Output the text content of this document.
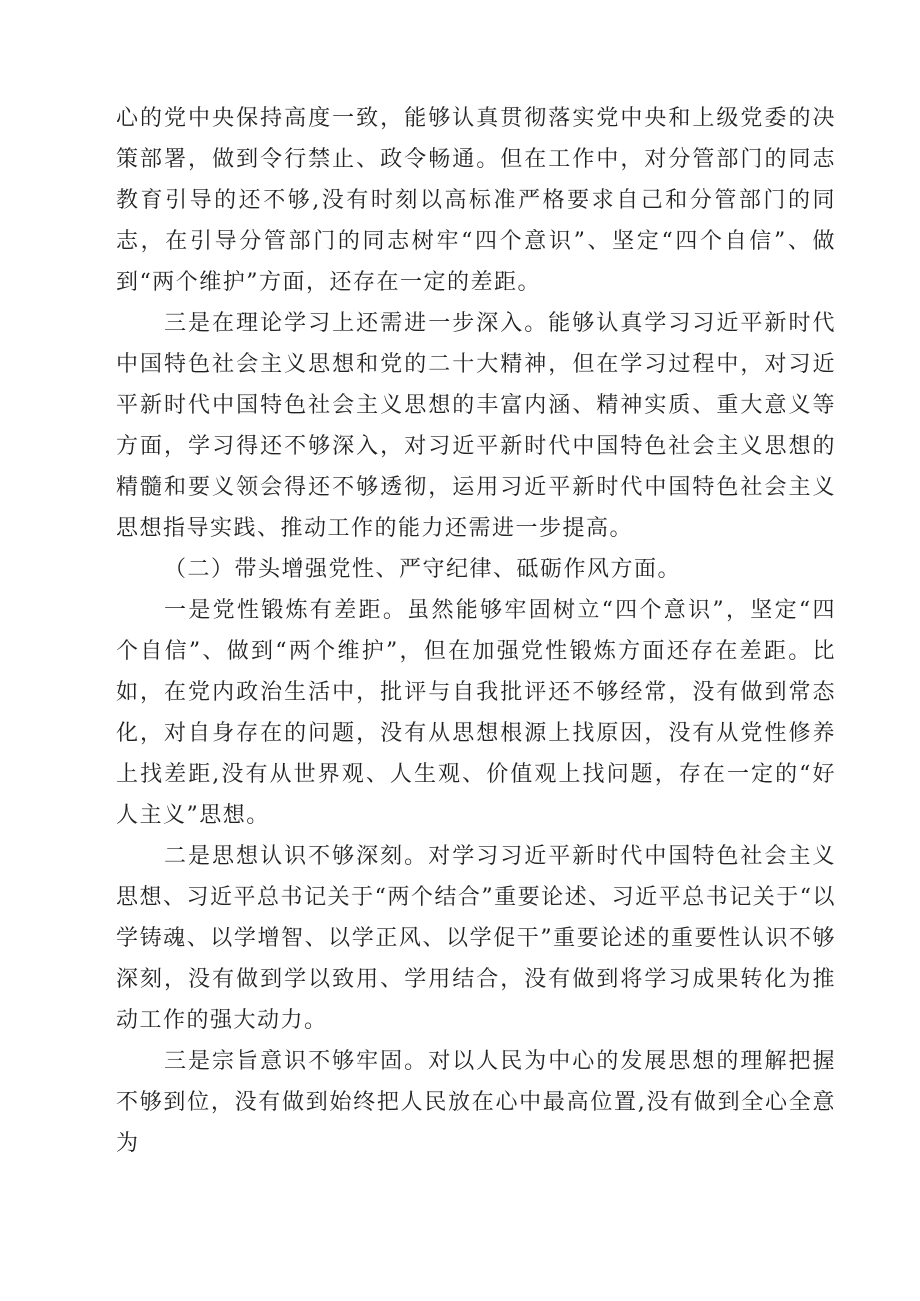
心的党中央保持高度一致，能够认真贯彻落实党中央和上级党委的决策部署，做到令行禁止、政令畅通。但在工作中，对分管部门的同志教育引导的还不够,没有时刻以高标准严格要求自己和分管部门的同志，在引导分管部门的同志树牢“四个意识”、坚定“四个自信”、做到“两个维护”方面，还存在一定的差距。

三是在理论学习上还需进一步深入。能够认真学习习近平新时代中国特色社会主义思想和党的二十大精神，但在学习过程中，对习近平新时代中国特色社会主义思想的丰富内涵、精神实质、重大意义等方面，学习得还不够深入，对习近平新时代中国特色社会主义思想的精髓和要义领会得还不够透彻，运用习近平新时代中国特色社会主义思想指导实践、推动工作的能力还需进一步提高。

（二）带头增强党性、严守纪律、砥砺作风方面。

一是党性锻炼有差距。虽然能够牢固树立“四个意识”，坚定“四个自信”、做到“两个维护”，但在加强党性锻炼方面还存在差距。比如，在党内政治生活中，批评与自我批评还不够经常，没有做到常态化，对自身存在的问题，没有从思想根源上找原因，没有从党性修养上找差距,没有从世界观、人生观、价值观上找问题，存在一定的“好人主义”思想。

二是思想认识不够深刻。对学习习近平新时代中国特色社会主义思想、习近平总书记关于“两个结合”重要论述、习近平总书记关于“以学铸魂、以学增智、以学正风、以学促干”重要论述的重要性认识不够深刻，没有做到学以致用、学用结合，没有做到将学习成果转化为推动工作的强大动力。

三是宗旨意识不够牢固。对以人民为中心的发展思想的理解把握不够到位，没有做到始终把人民放在心中最高位置,没有做到全心全意为
